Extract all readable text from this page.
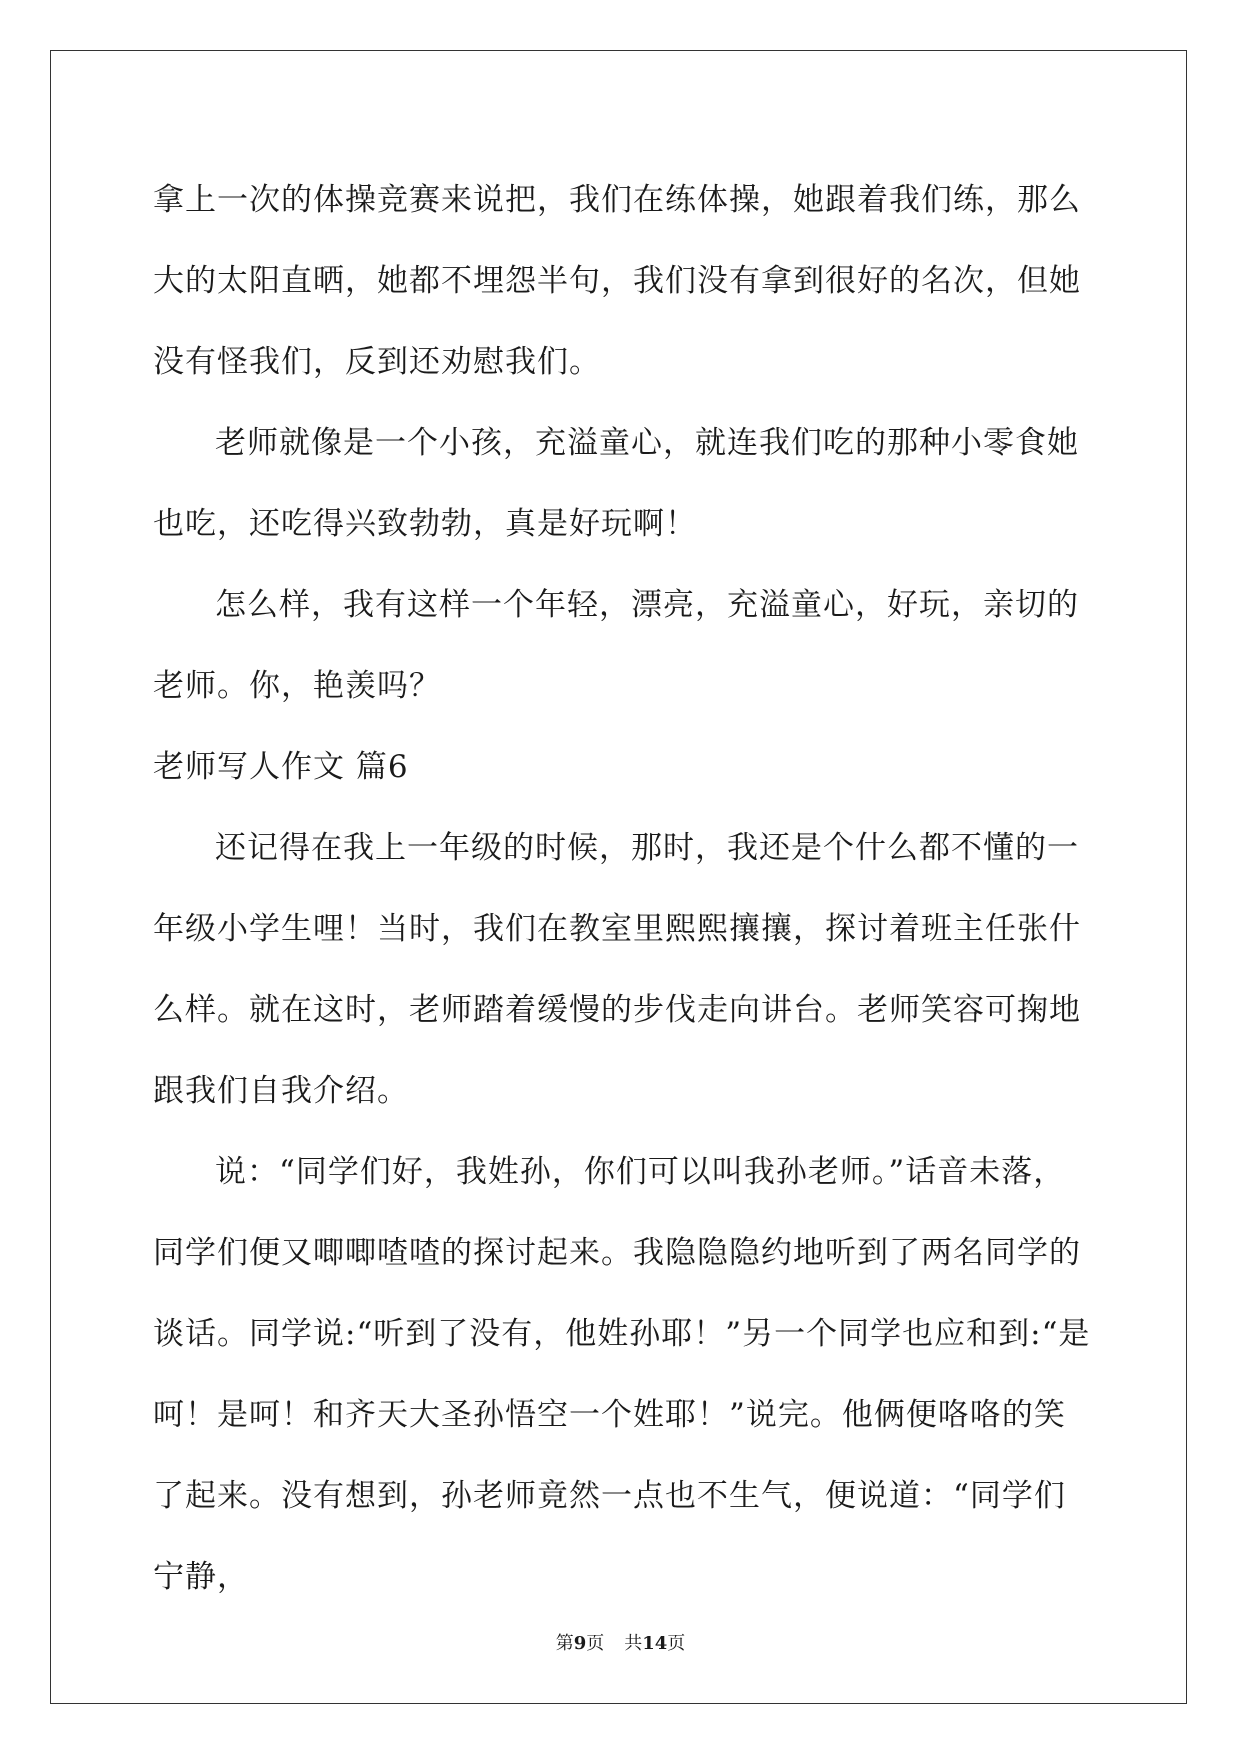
拿上一次的体操竞赛来说把，我们在练体操，她跟着我们练，那么大的太阳直晒，她都不埋怨半句，我们没有拿到很好的名次，但她没有怪我们，反到还劝慰我们。

老师就像是一个小孩，充溢童心，就连我们吃的那种小零食她也吃，还吃得兴致勃勃，真是好玩啊！

怎么样，我有这样一个年轻，漂亮，充溢童心，好玩，亲切的老师。你，艳羡吗？

老师写人作文 篇6

还记得在我上一年级的时候，那时，我还是个什么都不懂的一年级小学生哩！当时，我们在教室里熙熙攘攘，探讨着班主任张什么样。就在这时，老师踏着缓慢的步伐走向讲台。老师笑容可掬地跟我们自我介绍。

说：“同学们好，我姓孙，你们可以叫我孙老师。”话音未落，同学们便又唧唧喳喳的探讨起来。我隐隐隐约地听到了两名同学的谈话。同学说:“听到了没有，他姓孙耶！”另一个同学也应和到:“是呵！是呵！和齐天大圣孙悟空一个姓耶！”说完。他俩便咯咯的笑了起来。没有想到，孙老师竟然一点也不生气，便说道：“同学们宁静，

第9页 共14页
